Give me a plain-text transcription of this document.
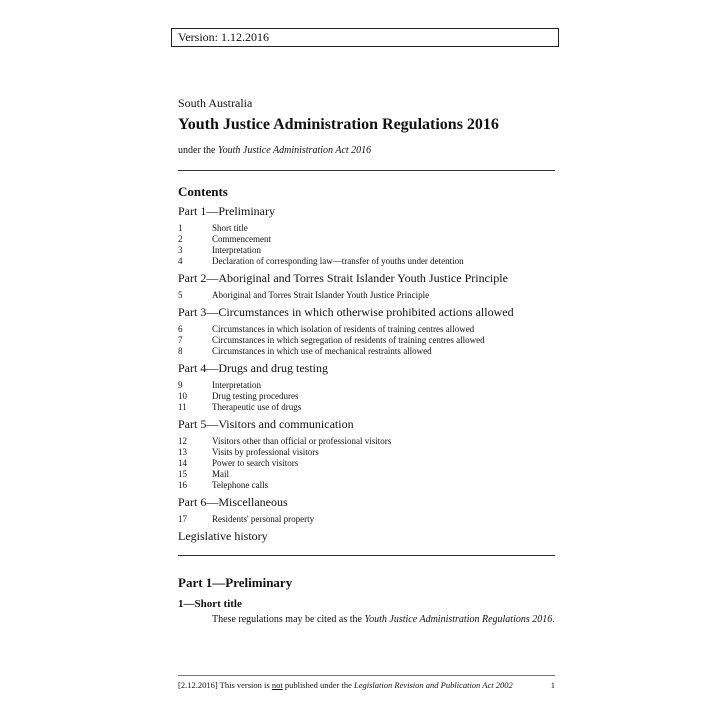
Version: 1.12.2016
South Australia
Youth Justice Administration Regulations 2016
under the Youth Justice Administration Act 2016
Contents
Part 1—Preliminary
1	Short title
2	Commencement
3	Interpretation
4	Declaration of corresponding law—transfer of youths under detention
Part 2—Aboriginal and Torres Strait Islander Youth Justice Principle
5	Aboriginal and Torres Strait Islander Youth Justice Principle
Part 3—Circumstances in which otherwise prohibited actions allowed
6	Circumstances in which isolation of residents of training centres allowed
7	Circumstances in which segregation of residents of training centres allowed
8	Circumstances in which use of mechanical restraints allowed
Part 4—Drugs and drug testing
9	Interpretation
10	Drug testing procedures
11	Therapeutic use of drugs
Part 5—Visitors and communication
12	Visitors other than official or professional visitors
13	Visits by professional visitors
14	Power to search visitors
15	Mail
16	Telephone calls
Part 6—Miscellaneous
17	Residents' personal property
Legislative history
Part 1—Preliminary
1—Short title
These regulations may be cited as the Youth Justice Administration Regulations 2016.
[2.12.2016] This version is not published under the Legislation Revision and Publication Act 2002	1
